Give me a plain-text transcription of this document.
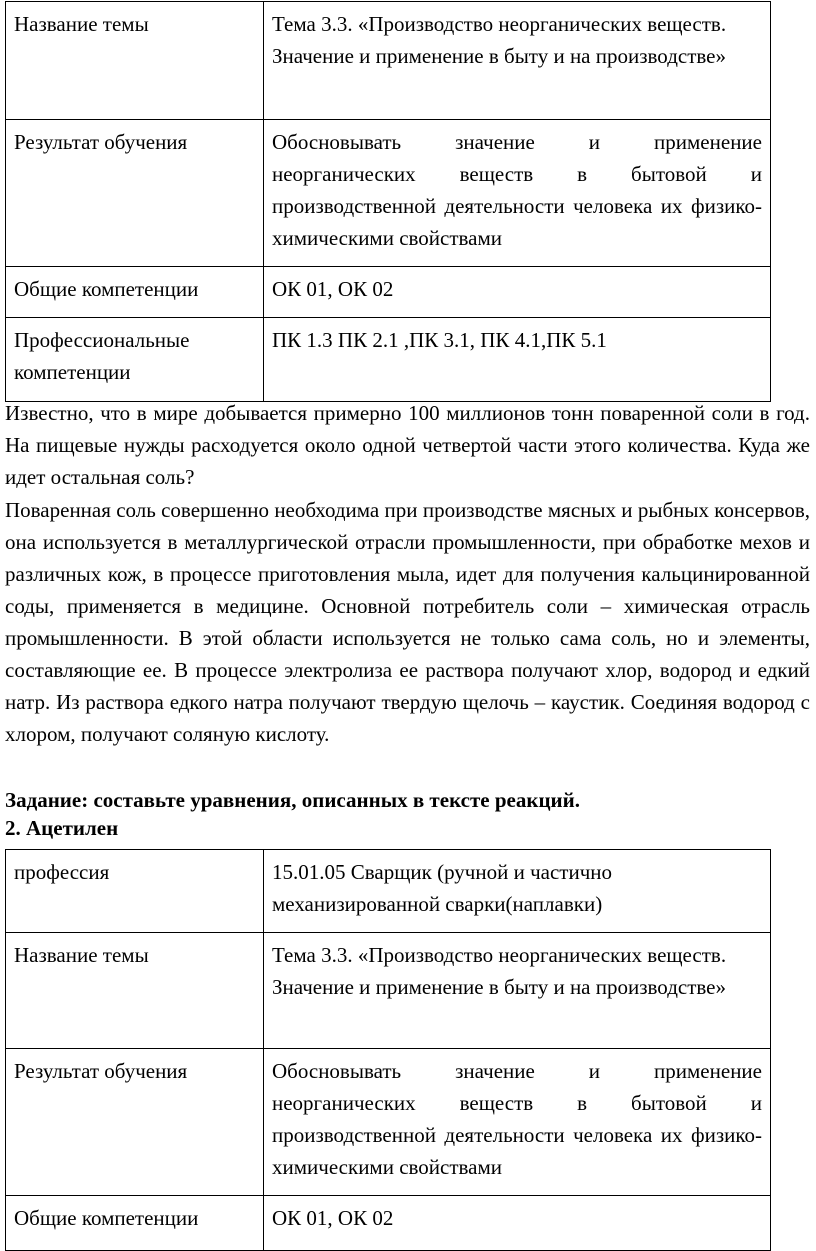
Название темы	Тема 3.3. «Производство неорганических веществ. Значение и применение в быту и на производстве»
Результат обучения	Обосновывать значение и применение неорганических веществ в бытовой и производственной деятельности человека их физико-химическими свойствами
Общие компетенции	ОК 01, ОК 02
Профессиональные компетенции	ПК 1.3 ПК 2.1 ,ПК 3.1, ПК 4.1,ПК 5.1
Известно, что в мире добывается примерно 100 миллионов тонн поваренной соли в год. На пищевые нужды расходуется около одной четвертой части этого количества. Куда же идет остальная соль?
Поваренная соль совершенно необходима при производстве мясных и рыбных консервов, она используется в металлургической отрасли промышленности, при обработке мехов и различных кож, в процессе приготовления мыла, идет для получения кальцинированной соды, применяется в медицине. Основной потребитель соли – химическая отрасль промышленности. В этой области используется не только сама соль, но и элементы, составляющие ее. В процессе электролиза ее раствора получают хлор, водород и едкий натр. Из раствора едкого натра получают твердую щелочь – каустик. Соединяя водород с хлором, получают соляную кислоту.
Задание: составьте уравнения, описанных в тексте реакций.
2. Ацетилен
профессия	15.01.05 Сварщик (ручной и частично механизированной сварки(наплавки)
Название темы	Тема 3.3. «Производство неорганических веществ. Значение и применение в быту и на производстве»
Результат обучения	Обосновывать значение и применение неорганических веществ в бытовой и производственной деятельности человека их физико-химическими свойствами
Общие компетенции	ОК 01, ОК 02
